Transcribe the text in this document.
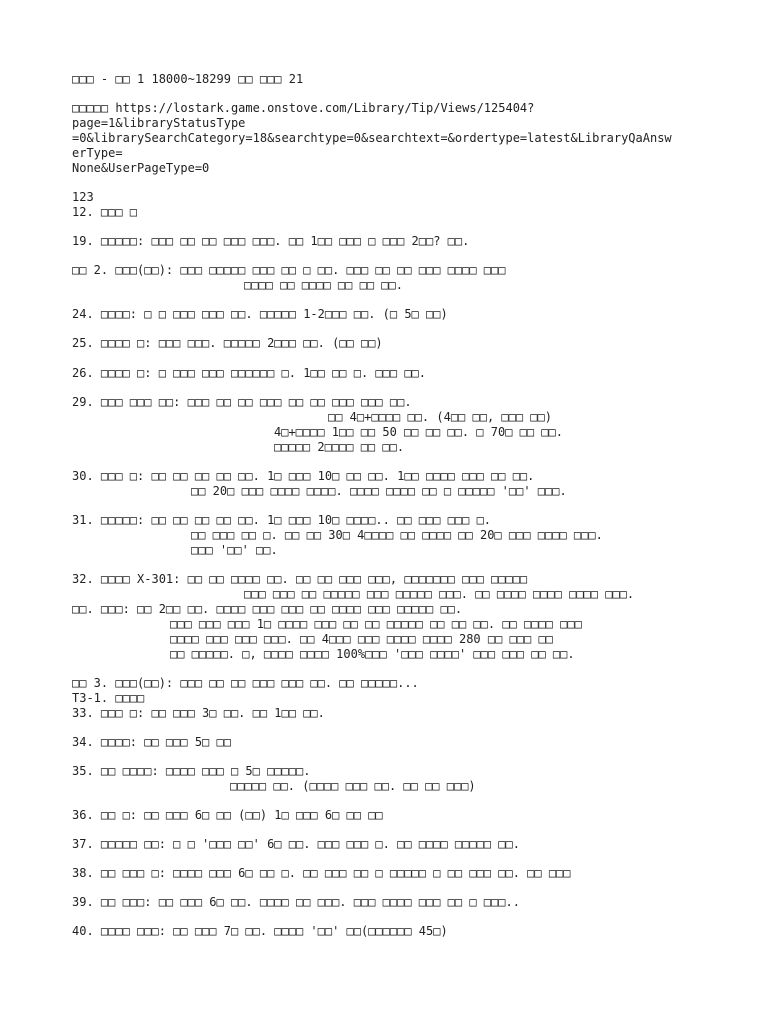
□□□ - □□ 1 18000~18299 □□ □□□ 21
□□□□□ https://lostark.game.onstove.com/Library/Tip/Views/125404?
page=1&libraryStatusType
=0&librarySearchCategory=18&searchtype=0&searchtext=&ordertype=latest&LibraryQaAnsw
erType=
None&UserPageType=0
123
12. □□□ □
19. □□□□□: □□□ □□ □□ □□□ □□□. □□ 1□□ □□□ □ □□□ 2□□? □□.
□□ 2. □□□(□□): □□□ □□□□□ □□□ □□ □ □□. □□□ □□ □□ □□□ □□□□ □□□
□□□□ □□ □□□□ □□ □□ □□.
24. □□□□: □ □ □□□ □□□ □□. □□□□□ 1-2□□□ □□. (□ 5□ □□)
25. □□□□ □: □□□ □□□. □□□□□ 2□□□ □□. (□□ □□)
26. □□□□ □: □ □□□ □□□ □□□□□□ □. 1□□ □□ □. □□□ □□.
29. □□□ □□□ □□: □□□ □□ □□ □□□ □□ □□ □□□ □□□ □□.
□□ 4□+□□□□ □□. (4□□ □□, □□□ □□)
4□+□□□□ 1□□ □□ 50 □□ □□ □□. □ 70□ □□ □□.
□□□□□ 2□□□□ □□ □□.
30. □□□ □: □□ □□ □□ □□ □□. 1□ □□□ 10□ □□ □□. 1□□ □□□□ □□□ □□ □□.
□□ 20□ □□□ □□□□ □□□□. □□□□ □□□□ □□ □ □□□□□ '□□' □□□.
31. □□□□□: □□ □□ □□ □□ □□. 1□ □□□ 10□ □□□□.. □□ □□□ □□□ □.
□□ □□□ □□ □. □□ □□ 30□ 4□□□□ □□ □□□□ □□ 20□ □□□ □□□□ □□□.
□□□ '□□' □□.
32. □□□□ X-301: □□ □□ □□□□ □□. □□ □□ □□□ □□□, □□□□□□□ □□□ □□□□□
□□□ □□□ □□ □□□□□ □□□ □□□□□ □□□. □□ □□□□ □□□□ □□□□ □□□.
□□. □□□: □□ 2□□ □□. □□□□ □□□ □□□ □□ □□□□ □□□ □□□□□ □□.
□□□ □□□ □□□ 1□ □□□□ □□□ □□ □□ □□□□□ □□ □□ □□. □□ □□□□ □□□
□□□□ □□□ □□□ □□□. □□ 4□□□ □□□ □□□□ □□□□ 280 □□ □□□ □□
□□ □□□□□. □, □□□□ □□□□ 100%□□□ '□□□ □□□□' □□□ □□□ □□ □□.
□□ 3. □□□(□□): □□□ □□ □□ □□□ □□□ □□. □□ □□□□□...
T3-1. □□□□
33. □□□ □: □□ □□□ 3□ □□. □□ 1□□ □□.
34. □□□□: □□ □□□ 5□ □□
35. □□ □□□□: □□□□ □□□ □ 5□ □□□□□.
□□□□□ □□. (□□□□ □□□ □□. □□ □□ □□□)
36. □□ □: □□ □□□ 6□ □□ (□□) 1□ □□□ 6□ □□ □□
37. □□□□□ □□: □ □ '□□□ □□' 6□ □□. □□□ □□□ □. □□ □□□□ □□□□□ □□.
38. □□ □□□ □: □□□□ □□□ 6□ □□ □. □□ □□□ □□ □ □□□□□ □ □□ □□□ □□. □□ □□□
39. □□ □□□: □□ □□□ 6□ □□. □□□□ □□ □□□. □□□ □□□□ □□□ □□ □ □□□..
40. □□□□ □□□: □□ □□□ 7□ □□. □□□□ '□□' □□(□□□□□□ 45□)
